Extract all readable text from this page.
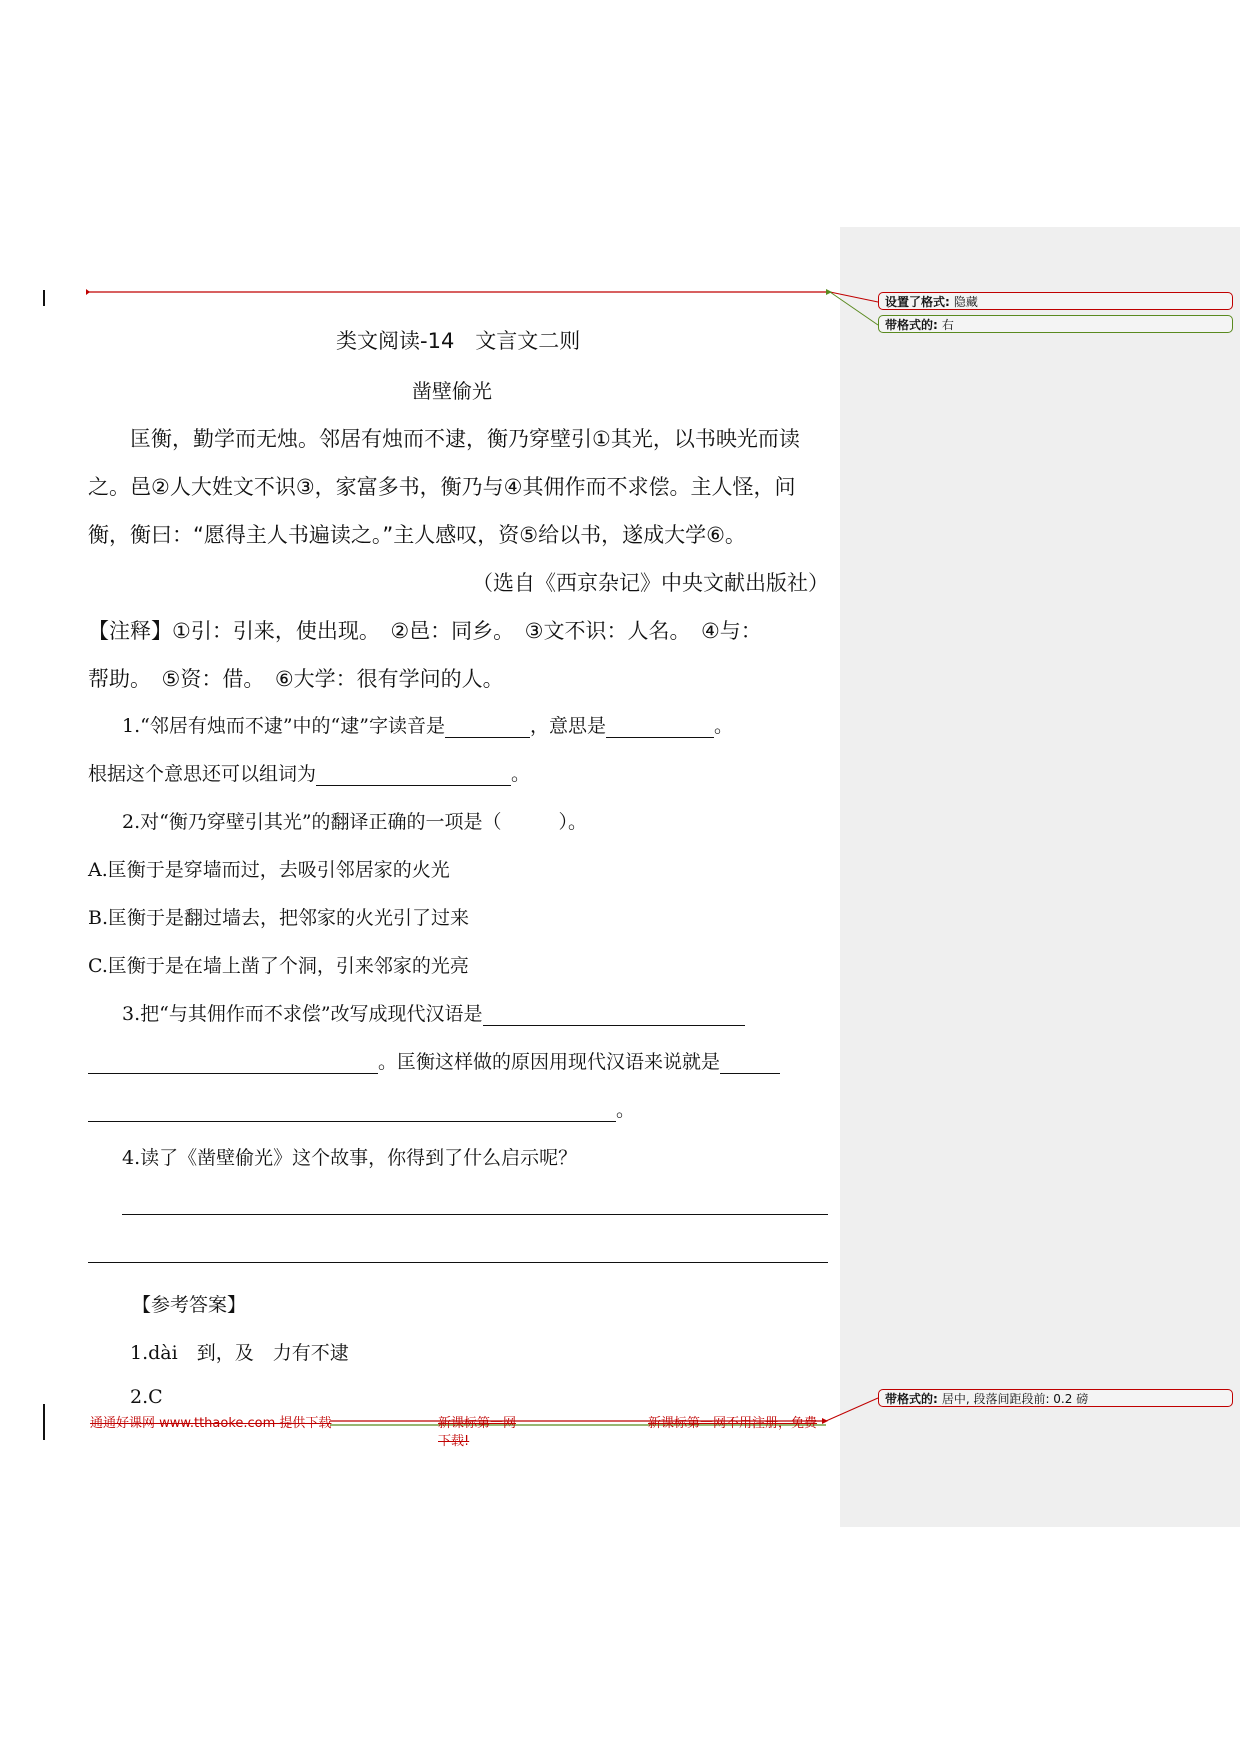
设置了格式: 隐藏
带格式的: 右
带格式的: 居中, 段落间距段前: 0.2 磅
类文阅读-14　文言文二则
凿壁偷光
匡衡，勤学而无烛。邻居有烛而不逮，衡乃穿壁引①其光，以书映光而读
之。邑②人大姓文不识③，家富多书，衡乃与④其佣作而不求偿。主人怪，问
衡，衡曰：“愿得主人书遍读之。”主人感叹，资⑤给以书，遂成大学⑥。
（选自《西京杂记》中央文献出版社）
【注释】①引：引来，使出现。　②邑：同乡。　③文不识：人名。　④与：
帮助。　⑤资：借。　⑥大学：很有学问的人。
1.“邻居有烛而不逮”中的“逮”字读音是	，意思是	。
根据这个意思还可以组词为	。
2.对“衡乃穿壁引其光”的翻译正确的一项是（　　　）。
A.匡衡于是穿墙而过，去吸引邻居家的火光
B.匡衡于是翻过墙去，把邻家的火光引了过来
C.匡衡于是在墙上凿了个洞，引来邻家的光亮
3.把“与其佣作而不求偿”改写成现代汉语是
。匡衡这样做的原因用现代汉语来说就是
。
4.读了《凿壁偷光》这个故事，你得到了什么启示呢？
【参考答案】
1.dài　到，及　力有不逮
2.C
通通好课网 www.tthaoke.com 提供下载	新课标第一网
下载!
新课标第一网不用注册，免费
